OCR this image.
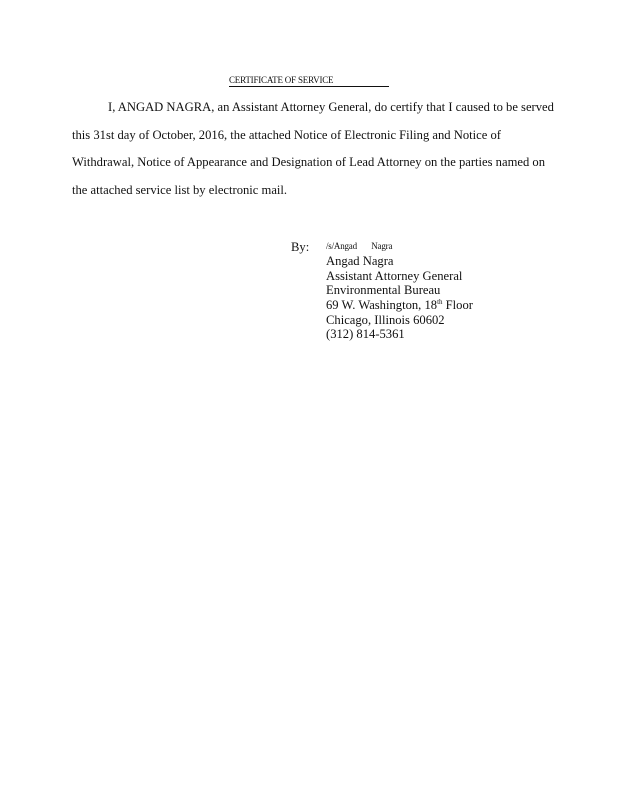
CERTIFICATE OF SERVICE
I, ANGAD NAGRA, an Assistant Attorney General, do certify that I caused to be served
this 31st day of October, 2016, the attached Notice of Electronic Filing and Notice of
Withdrawal, Notice of Appearance and Designation of Lead Attorney on the parties named on
the attached service list by electronic mail.
By: /s/Angad       Nagra
Angad Nagra
Assistant Attorney General
Environmental Bureau
69 W. Washington, 18th Floor
Chicago, Illinois 60602
(312) 814-5361
